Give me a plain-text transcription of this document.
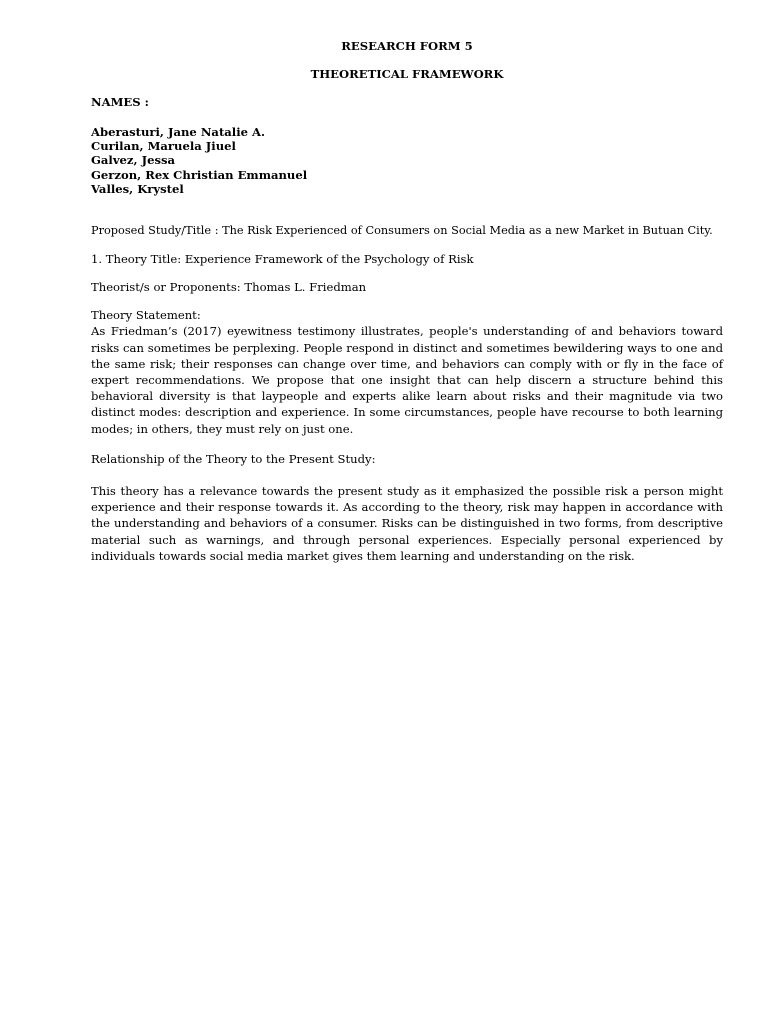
RESEARCH FORM 5

THEORETICAL FRAMEWORK

NAMES :

Aberasturi, Jane Natalie A.
Curilan, Maruela Jiuel
Galvez, Jessa
Gerzon, Rex Christian Emmanuel
Valles, Krystel

Proposed Study/Title : The Risk Experienced of Consumers on Social Media as a new Market in Butuan City.

1. Theory Title: Experience Framework of the Psychology of Risk

Theorist/s or Proponents: Thomas L. Friedman

Theory Statement:

As Friedman’s (2017) eyewitness testimony illustrates, people's understanding of and behaviors toward risks can sometimes be perplexing. People respond in distinct and sometimes bewildering ways to one and the same risk; their responses can change over time, and behaviors can comply with or fly in the face of expert recommendations. We propose that one insight that can help discern a structure behind this behavioral diversity is that laypeople and experts alike learn about risks and their magnitude via two distinct modes: description and experience. In some circumstances, people have recourse to both learning modes; in others, they must rely on just one.

Relationship of the Theory to the Present Study:

This theory has a relevance towards the present study as it emphasized the possible risk a person might experience and their response towards it. As according to the theory, risk may happen in accordance with the understanding and behaviors of a consumer. Risks can be distinguished in two forms, from descriptive material such as warnings, and through personal experiences. Especially personal experienced by individuals towards social media market gives them learning and understanding on the risk.
